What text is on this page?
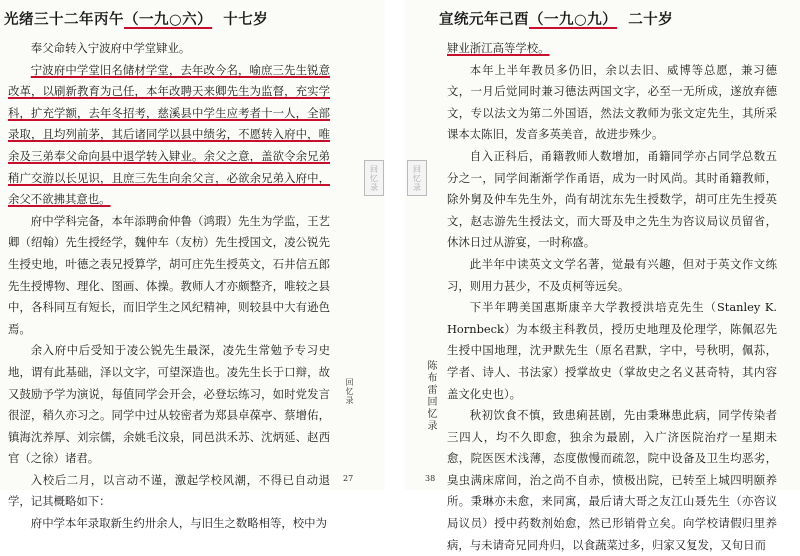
光绪三十二年丙午（一九○六） 十七岁

奉父命转入宁波府中学堂肄业。

宁波府中学堂旧名储材学堂，去年改今名，喻庶三先生锐意改革，以刷新教育为己任，本年改聘天来卿先生为监督，充实学科，扩充学额，去年冬招考，慈溪县中学生应考者十一人，全部录取，且均列前茅，其后诸同学以县中绩劣，不愿转入府中，唯余及三弟奉父命向县中退学转入肄业。余父之意，盖欲令余兄弟稍广交游以长见识，且庶三先生向余父言，必欲余兄弟入府中，余父不欲拂其意也。

府中学科完备，本年添聘俞仲鲁（鸿瑕）先生为学监，王艺卿（绍翰）先生授经学，魏仲车（友枋）先生授国文，凌公锐先生授史地，叶德之表兄授算学，胡可庄先生授英文，石井信五郎先生授博物、理化、图画、体操。教师人才亦颇整齐，唯较之县中，各科同互有短长，而旧学生之风纪精神，则较县中大有逊色焉。

余入府中后受知于凌公锐先生最深，凌先生常勉予专习史地，谓有此基础，泽以文字，可望深造也。凌先生长于口辩，故又鼓励予学为演说，每值同学会开会，必登坛练习，如时党发言很涩，稍久亦习之。同学中过从较密者为郑县卓葆亭、蔡增佑，镇海沈养厚、刘宗儒，余姚毛汶泉，同邑洪禾苏、沈炳延、赵西官（之徐）诸君。

入校后二月，以言动不谨，激起学校风潮，不得已自动退学，记其概略如下：

府中学本年录取新生约卅余人，与旧生之数略相等，校中为

回忆录
27
回忆录	回忆录
陈布雷回忆录
38
宣统元年己酉（一九○九） 二十岁

肄业浙江高等学校。

本年上半年教员多仍旧，余以去旧、威博等总愿，兼习德文，一月后觉同时兼习德法两国文字，必至一无所成，遂放弃德文，专以法文为第二外国语，然法文教师为张文定先生，其所采课本太陈旧，发音多英美音，故进步殊少。

自入正科后，甬籍教师人数增加，甬籍同学亦占同学总数五分之一，同学间渐渐学作甬语，成为一时风尚。其时甬籍教师，除外舅及仲车先生外，尚有胡沈东先生授数学，胡可庄先生授英文，赵志游先生授法文，而大哥及申之先生为咨议局议员留省，休沐日过从游宴，一时称盛。

此半年中读英文文学名著，觉最有兴趣，但对于英文作文练习，则用力甚少，不及贞柯等远矣。

下半年聘美国惠斯康辛大学教授洪培克先生（Stanley K. Hornbeck）为本级主科教员，授历史地理及伦理学，陈佩忍先生授中国地理，沈尹默先生（原名君默，字中，号秋明，佩荪，学者、诗人、书法家）授掌故史（掌故史之名义甚奇特，其内容盖文化史也）。

秋初饮食不慎，致患痢甚剧，先由秉琳患此病，同学传染者三四人，均不久即愈，独余为最剧，入广济医院治疗一星期未愈，院医医术浅薄，态度傲慢而疏忽，院中设备及卫生均恶劣，臭虫满床席间，治之尚不自赤，愤极出院，已转至上城四明颐养所。秉琳亦未愈，来同寓，最后请大哥之友江山聂先生（亦咨议局议员）授中药数剂始愈，然已形销骨立矣。向学校请假归里养病，与未请奇兄同舟归，以食蔬菜过多，归家又复发，又旬日而
